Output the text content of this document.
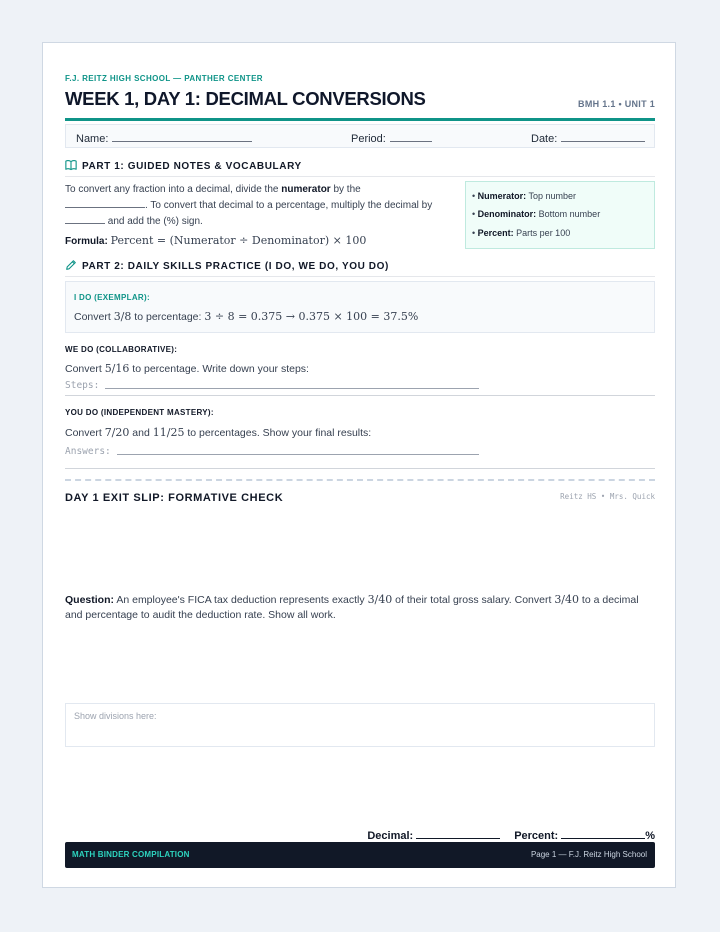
F.J. REITZ HIGH SCHOOL — PANTHER CENTER
WEEK 1, DAY 1: DECIMAL CONVERSIONS	BMH 1.1 • UNIT 1
Name:	Period:	Date:
PART 1: GUIDED NOTES & VOCABULARY
To convert any fraction into a decimal, divide the numerator by the
. To convert that decimal to a percentage, multiply the decimal by
and add the (%) sign.
Formula: Percent = (Numerator ÷ Denominator) × 100
• Numerator: Top number
• Denominator: Bottom number
• Percent: Parts per 100
PART 2: DAILY SKILLS PRACTICE (I DO, WE DO, YOU DO)
I DO (EXEMPLAR):
Convert 3/8 to percentage: 3 ÷ 8 = 0.375 → 0.375 × 100 = 37.5%
WE DO (COLLABORATIVE):
Convert 5/16 to percentage. Write down your steps:
Steps:
YOU DO (INDEPENDENT MASTERY):
Convert 7/20 and 11/25 to percentages. Show your final results:
Answers:
DAY 1 EXIT SLIP: FORMATIVE CHECK	Reitz HS • Mrs. Quick
Question: An employee's FICA tax deduction represents exactly 3/40 of their total gross salary. Convert 3/40 to a decimal and percentage to audit the deduction rate. Show all work.
Show divisions here:
Decimal:	Percent:	%
MATH BINDER COMPILATION	Page 1 — F.J. Reitz High School
